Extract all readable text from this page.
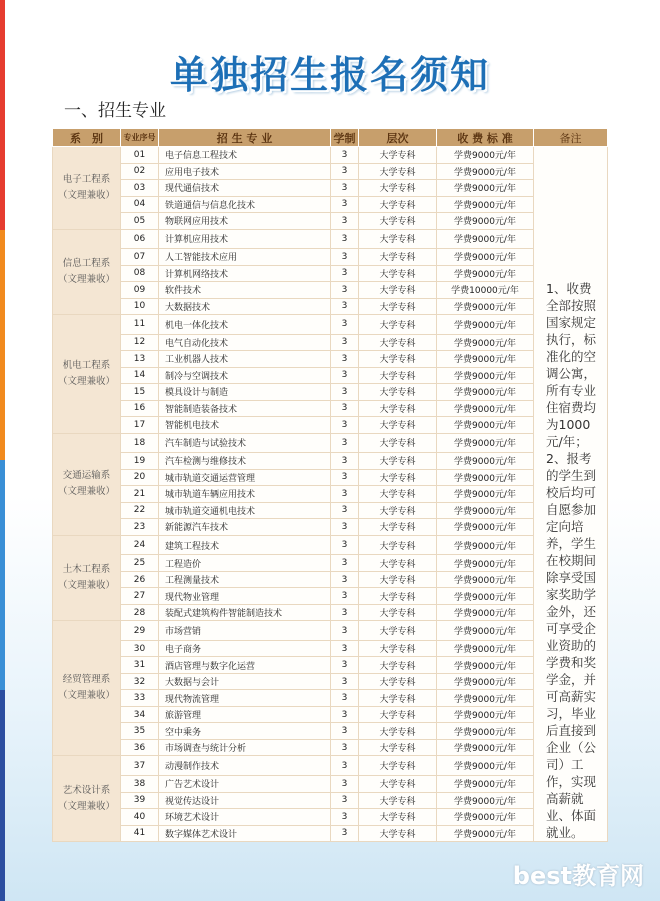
单独招生报名须知
一、招生专业
系　别	专业序号	招 生 专 业	学制	层次	收 费 标 准	备注

电子工程系
（文理兼收）	01	电子信息工程技术	3	大学专科	学费9000元/年	1、收费全部按照国家规定执行，标准化的空调公寓，所有专业住宿费均为1000元/年；2、报考的学生到校后均可自愿参加定向培养，学生在校期间除享受国家奖助学金外，还可享受企业资助的学费和奖学金，并可高薪实习，毕业后直接到企业（公司）工作，实现高薪就业、体面就业。
	02	应用电子技术	3	大学专科	学费9000元/年	
	03	现代通信技术	3	大学专科	学费9000元/年	
	04	铁道通信与信息化技术	3	大学专科	学费9000元/年	
	05	物联网应用技术	3	大学专科	学费9000元/年	

信息工程系
（文理兼收）	06	计算机应用技术	3	大学专科	学费9000元/年	
	07	人工智能技术应用	3	大学专科	学费9000元/年	
	08	计算机网络技术	3	大学专科	学费9000元/年	
	09	软件技术	3	大学专科	学费10000元/年	
	10	大数据技术	3	大学专科	学费9000元/年	

机电工程系
（文理兼收）	11	机电一体化技术	3	大学专科	学费9000元/年	
	12	电气自动化技术	3	大学专科	学费9000元/年	
	13	工业机器人技术	3	大学专科	学费9000元/年	
	14	制冷与空调技术	3	大学专科	学费9000元/年	
	15	模具设计与制造	3	大学专科	学费9000元/年	
	16	智能制造装备技术	3	大学专科	学费9000元/年	
	17	智能机电技术	3	大学专科	学费9000元/年	

交通运输系
（文理兼收）	18	汽车制造与试验技术	3	大学专科	学费9000元/年	
	19	汽车检测与维修技术	3	大学专科	学费9000元/年	
	20	城市轨道交通运营管理	3	大学专科	学费9000元/年	
	21	城市轨道车辆应用技术	3	大学专科	学费9000元/年	
	22	城市轨道交通机电技术	3	大学专科	学费9000元/年	
	23	新能源汽车技术	3	大学专科	学费9000元/年	

土木工程系
（文理兼收）	24	建筑工程技术	3	大学专科	学费9000元/年	
	25	工程造价	3	大学专科	学费9000元/年	
	26	工程测量技术	3	大学专科	学费9000元/年	
	27	现代物业管理	3	大学专科	学费9000元/年	
	28	装配式建筑构件智能制造技术	3	大学专科	学费9000元/年	

经贸管理系
（文理兼收）	29	市场营销	3	大学专科	学费9000元/年	
	30	电子商务	3	大学专科	学费9000元/年	
	31	酒店管理与数字化运营	3	大学专科	学费9000元/年	
	32	大数据与会计	3	大学专科	学费9000元/年	
	33	现代物流管理	3	大学专科	学费9000元/年	
	34	旅游管理	3	大学专科	学费9000元/年	
	35	空中乘务	3	大学专科	学费9000元/年	
	36	市场调查与统计分析	3	大学专科	学费9000元/年	

艺术设计系
（文理兼收）	37	动漫制作技术	3	大学专科	学费9000元/年	
	38	广告艺术设计	3	大学专科	学费9000元/年	
	39	视觉传达设计	3	大学专科	学费9000元/年	
	40	环境艺术设计	3	大学专科	学费9000元/年	
	41	数字媒体艺术设计	3	大学专科	学费9000元/年	
best教育网
